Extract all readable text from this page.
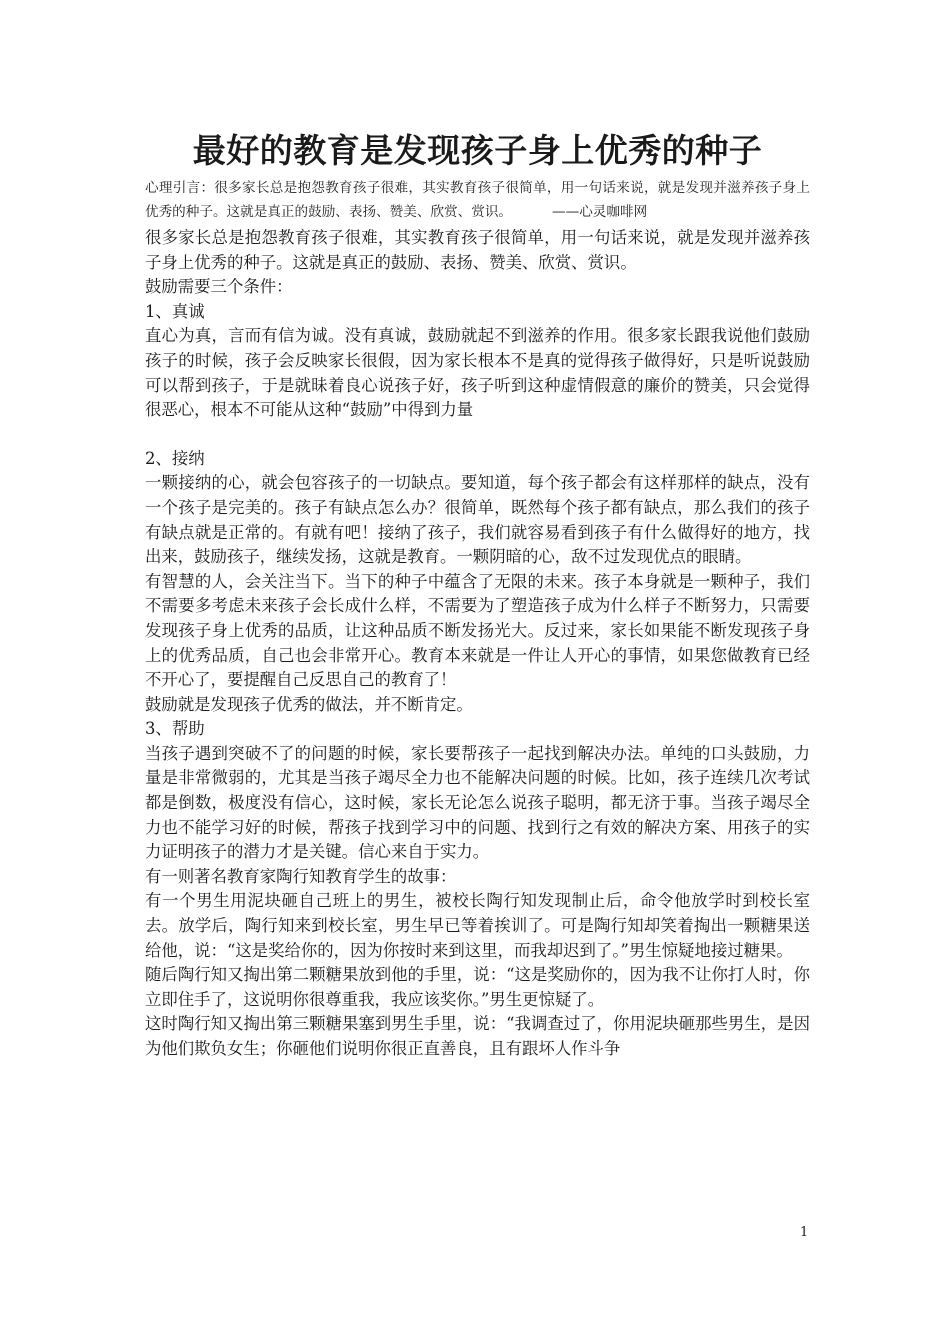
最好的教育是发现孩子身上优秀的种子

心理引言：很多家长总是抱怨教育孩子很难，其实教育孩子很简单，用一句话来说，就是发现并滋养孩子身上优秀的种子。这就是真正的鼓励、表扬、赞美、欣赏、赏识。	——心灵咖啡网

很多家长总是抱怨教育孩子很难，其实教育孩子很简单，用一句话来说，就是发现并滋养孩子身上优秀的种子。这就是真正的鼓励、表扬、赞美、欣赏、赏识。

鼓励需要三个条件：

1、真诚

直心为真，言而有信为诚。没有真诚，鼓励就起不到滋养的作用。很多家长跟我说他们鼓励孩子的时候，孩子会反映家长很假，因为家长根本不是真的觉得孩子做得好，只是听说鼓励可以帮到孩子，于是就昧着良心说孩子好，孩子听到这种虚情假意的廉价的赞美，只会觉得很恶心，根本不可能从这种“鼓励”中得到力量

2、接纳

一颗接纳的心，就会包容孩子的一切缺点。要知道，每个孩子都会有这样那样的缺点，没有一个孩子是完美的。孩子有缺点怎么办？很简单，既然每个孩子都有缺点，那么我们的孩子有缺点就是正常的。有就有吧！接纳了孩子，我们就容易看到孩子有什么做得好的地方，找出来，鼓励孩子，继续发扬，这就是教育。一颗阴暗的心，敌不过发现优点的眼睛。

有智慧的人，会关注当下。当下的种子中蕴含了无限的未来。孩子本身就是一颗种子，我们不需要多考虑未来孩子会长成什么样，不需要为了塑造孩子成为什么样子不断努力，只需要发现孩子身上优秀的品质，让这种品质不断发扬光大。反过来，家长如果能不断发现孩子身上的优秀品质，自己也会非常开心。教育本来就是一件让人开心的事情，如果您做教育已经不开心了，要提醒自己反思自己的教育了！

鼓励就是发现孩子优秀的做法，并不断肯定。

3、帮助

当孩子遇到突破不了的问题的时候，家长要帮孩子一起找到解决办法。单纯的口头鼓励，力量是非常微弱的，尤其是当孩子竭尽全力也不能解决问题的时候。比如，孩子连续几次考试都是倒数，极度没有信心，这时候，家长无论怎么说孩子聪明，都无济于事。当孩子竭尽全力也不能学习好的时候，帮孩子找到学习中的问题、找到行之有效的解决方案、用孩子的实力证明孩子的潜力才是关键。信心来自于实力。

有一则著名教育家陶行知教育学生的故事：

有一个男生用泥块砸自己班上的男生，被校长陶行知发现制止后，命令他放学时到校长室去。放学后，陶行知来到校长室，男生早已等着挨训了。可是陶行知却笑着掏出一颗糖果送给他，说：“这是奖给你的，因为你按时来到这里，而我却迟到了。”男生惊疑地接过糖果。

随后陶行知又掏出第二颗糖果放到他的手里，说：“这是奖励你的，因为我不让你打人时，你立即住手了，这说明你很尊重我，我应该奖你。”男生更惊疑了。

这时陶行知又掏出第三颗糖果塞到男生手里，说：“我调查过了，你用泥块砸那些男生，是因为他们欺负女生；你砸他们说明你很正直善良，且有跟坏人作斗争

1
